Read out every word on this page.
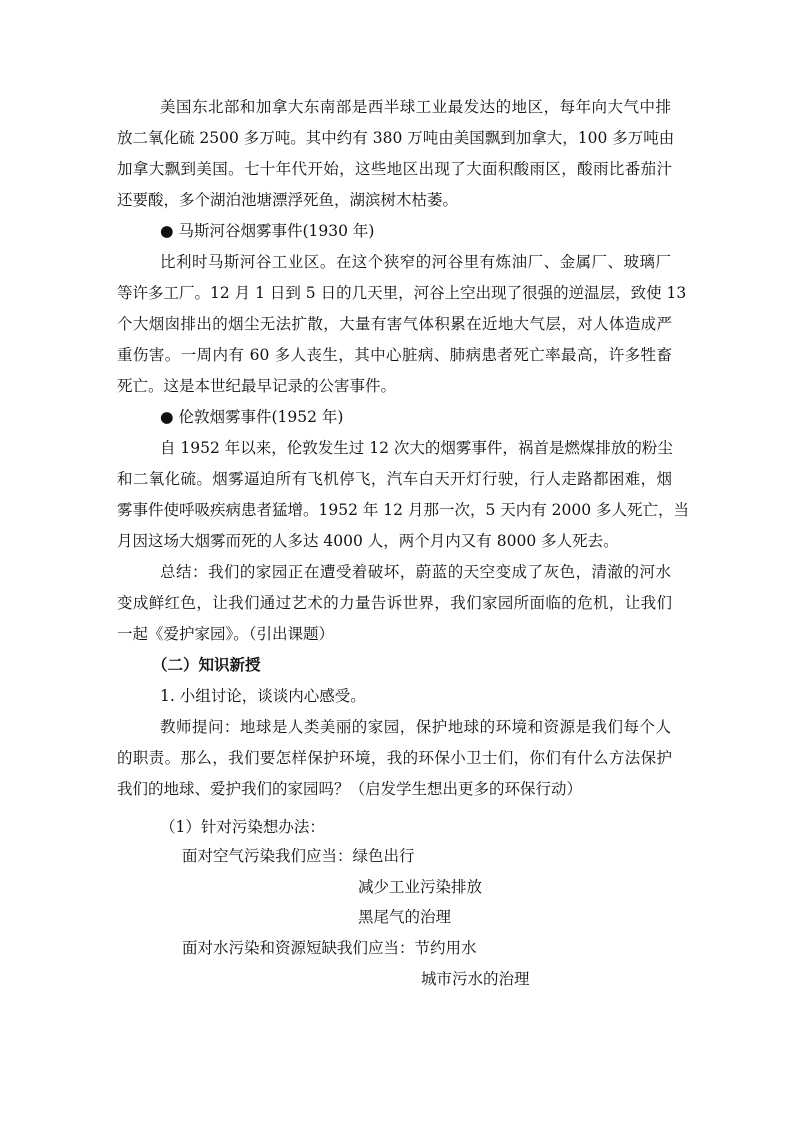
美国东北部和加拿大东南部是西半球工业最发达的地区，每年向大气中排
放二氧化硫 2500 多万吨。其中约有 380 万吨由美国飘到加拿大，100 多万吨由
加拿大飘到美国。七十年代开始，这些地区出现了大面积酸雨区，酸雨比番茄汁
还要酸，多个湖泊池塘漂浮死鱼，湖滨树木枯萎。
● 马斯河谷烟雾事件(1930 年)
比利时马斯河谷工业区。在这个狭窄的河谷里有炼油厂、金属厂、玻璃厂
等许多工厂。12 月 1 日到 5 日的几天里，河谷上空出现了很强的逆温层，致使 13
个大烟囱排出的烟尘无法扩散，大量有害气体积累在近地大气层，对人体造成严
重伤害。一周内有 60 多人丧生，其中心脏病、肺病患者死亡率最高，许多牲畜
死亡。这是本世纪最早记录的公害事件。
● 伦敦烟雾事件(1952 年)
自 1952 年以来，伦敦发生过 12 次大的烟雾事件，祸首是燃煤排放的粉尘
和二氧化硫。烟雾逼迫所有飞机停飞，汽车白天开灯行驶，行人走路都困难，烟
雾事件使呼吸疾病患者猛增。1952 年 12 月那一次，5 天内有 2000 多人死亡，当
月因这场大烟雾而死的人多达 4000 人，两个月内又有 8000 多人死去。
总结：我们的家园正在遭受着破坏，蔚蓝的天空变成了灰色，清澈的河水
变成鲜红色，让我们通过艺术的力量告诉世界，我们家园所面临的危机，让我们
一起《爱护家园》。（引出课题）
（二）知识新授
1. 小组讨论，谈谈内心感受。
教师提问：地球是人类美丽的家园，保护地球的环境和资源是我们每个人
的职责。那么，我们要怎样保护环境，我的环保小卫士们，你们有什么方法保护
我们的地球、爱护我们的家园吗？（启发学生想出更多的环保行动）
（1）针对污染想办法：
面对空气污染我们应当：绿色出行
减少工业污染排放
黑尾气的治理
面对水污染和资源短缺我们应当：节约用水
城市污水的治理
